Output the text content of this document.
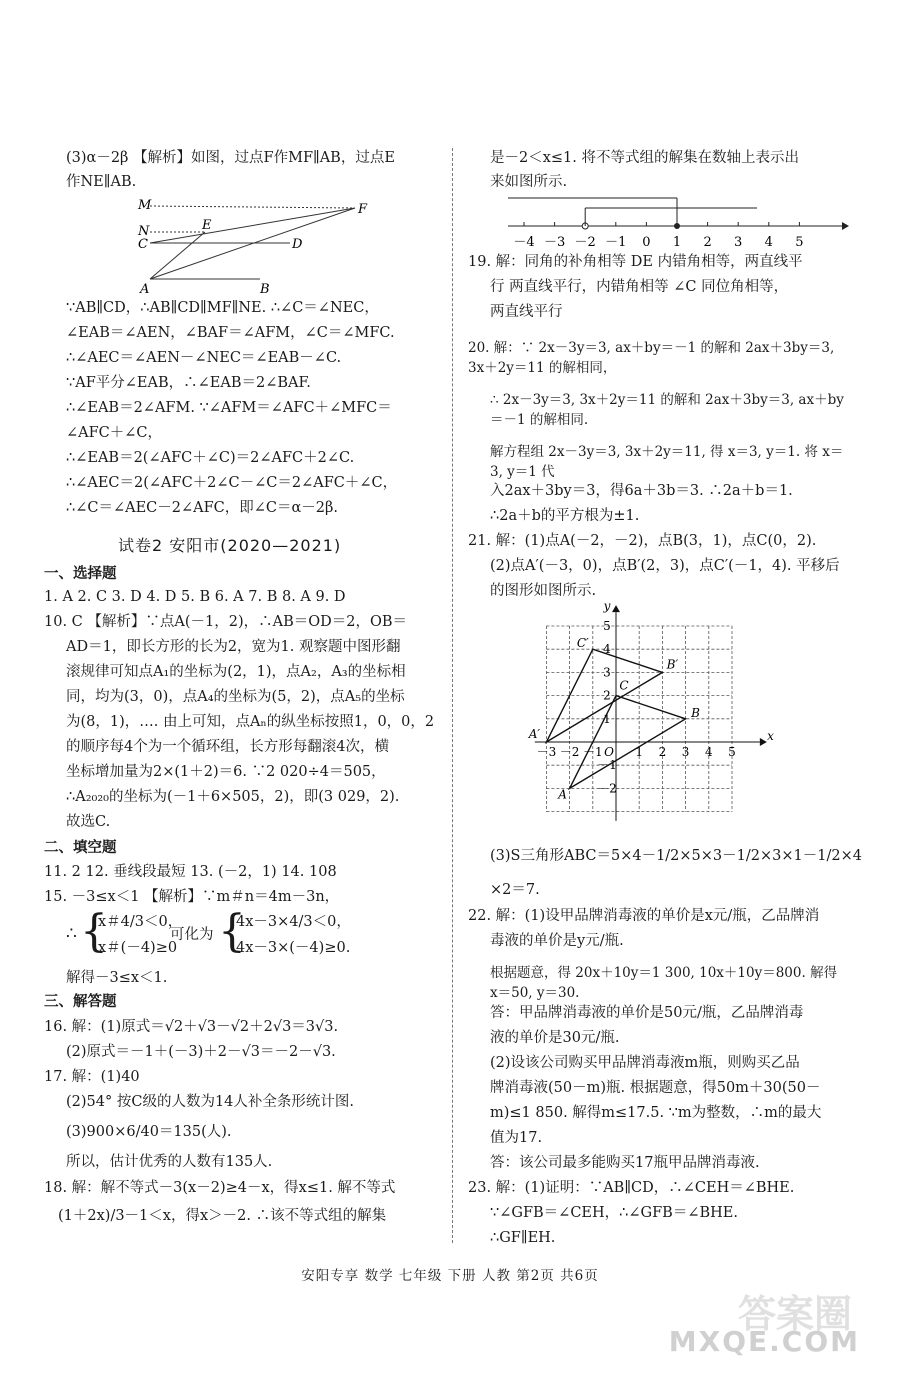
(3)α－2β 【解析】如图，过点F作MF∥AB，过点E
作NE∥AB.
M	F
N	E
C	D
A	B
∵AB∥CD，∴AB∥CD∥MF∥NE. ∴∠C＝∠NEC，
∠EAB＝∠AEN，∠BAF＝∠AFM，∠C＝∠MFC.
∴∠AEC＝∠AEN－∠NEC＝∠EAB－∠C.
∵AF平分∠EAB，∴∠EAB＝2∠BAF.
∴∠EAB＝2∠AFM. ∵∠AFM＝∠AFC＋∠MFC＝
∠AFC＋∠C，
∴∠EAB＝2(∠AFC＋∠C)＝2∠AFC＋2∠C.
∴∠AEC＝2(∠AFC＋2∠C－∠C＝2∠AFC＋∠C，
∴∠C＝∠AEC－2∠AFC，即∠C＝α－2β.
试卷2 安阳市(2020—2021)
一、选择题
1. A 2. C 3. D 4. D 5. B 6. A 7. B 8. A 9. D
10. C 【解析】∵点A(－1，2)，∴AB＝OD＝2，OB＝
AD＝1，即长方形的长为2，宽为1. 观察题中图形翻
滚规律可知点A₁的坐标为(2，1)，点A₂，A₃的坐标相
同，均为(3，0)，点A₄的坐标为(5，2)，点A₅的坐标
为(8，1)，…. 由上可知，点Aₙ的纵坐标按照1，0，0，2
的顺序每4个为一个循环组，长方形每翻滚4次，横
坐标增加量为2×(1＋2)＝6. ∵2 020÷4＝505，
∴A₂₀₂₀的坐标为(－1＋6×505，2)，即(3 029，2).
故选C.
二、填空题
11. 2 12. 垂线段最短 13. (－2，1) 14. 108
15. －3≤x＜1 【解析】∵m＃n＝4m－3n，
∴ {
x＃4/3＜0，
x＃(－4)≥0
可化为 {
4x－3×4/3＜0，
4x－3×(－4)≥0.
解得－3≤x＜1.
三、解答题
16. 解：(1)原式＝√2＋√3－√2＋2√3＝3√3.
(2)原式＝－1＋(－3)＋2－√3＝－2－√3.
17. 解：(1)40
(2)54° 按C级的人数为14人补全条形统计图.
(3)900×6/40＝135(人).
所以，估计优秀的人数有135人.
18. 解：解不等式－3(x－2)≥4－x，得x≤1. 解不等式
(1＋2x)/3－1＜x，得x＞－2. ∴该不等式组的解集
是－2＜x≤1. 将不等式组的解集在数轴上表示出
来如图所示.
－4 －3 －2 －1 0 1 2 3 4 5
19. 解：同角的补角相等 DE 内错角相等，两直线平
行 两直线平行，内错角相等 ∠C 同位角相等，
两直线平行
20. 解：∵ 2x－3y＝3, ax＋by＝－1 的解和 2ax＋3by＝3, 3x＋2y＝11 的解相同，
∴ 2x－3y＝3, 3x＋2y＝11 的解和 2ax＋3by＝3, ax＋by＝－1 的解相同.
解方程组 2x－3y＝3, 3x＋2y＝11, 得 x＝3, y＝1. 将 x＝3, y＝1 代
入2ax＋3by＝3，得6a＋3b＝3. ∴2a＋b＝1.
∴2a＋b的平方根为±1.
21. 解：(1)点A(－2，－2)，点B(3，1)，点C(0，2).
(2)点A′(－3，0)，点B′(2，3)，点C′(－1，4). 平移后
的图形如图所示.
x
y
－3 －2 －1 O 1 2 3 4 5
5
4
3
2
1
－1
－2
C′
B′
C
A′
B
A
(3)S三角形ABC＝5×4－1/2×5×3－1/2×3×1－1/2×4
×2＝7.
22. 解：(1)设甲品牌消毒液的单价是x元/瓶，乙品牌消
毒液的单价是y元/瓶.
根据题意，得 20x＋10y＝1 300, 10x＋10y＝800. 解得 x＝50, y＝30.
答：甲品牌消毒液的单价是50元/瓶，乙品牌消毒
液的单价是30元/瓶.
(2)设该公司购买甲品牌消毒液m瓶，则购买乙品
牌消毒液(50－m)瓶. 根据题意，得50m＋30(50－
m)≤1 850. 解得m≤17.5. ∵m为整数，∴m的最大
值为17.
答：该公司最多能购买17瓶甲品牌消毒液.
23. 解：(1)证明：∵AB∥CD，∴∠CEH＝∠BHE.
∵∠GFB＝∠CEH，∴∠GFB＝∠BHE.
∴GF∥EH.
安阳专享 数学 七年级 下册 人教 第2页 共6页
答案圈
MXQE.COM
